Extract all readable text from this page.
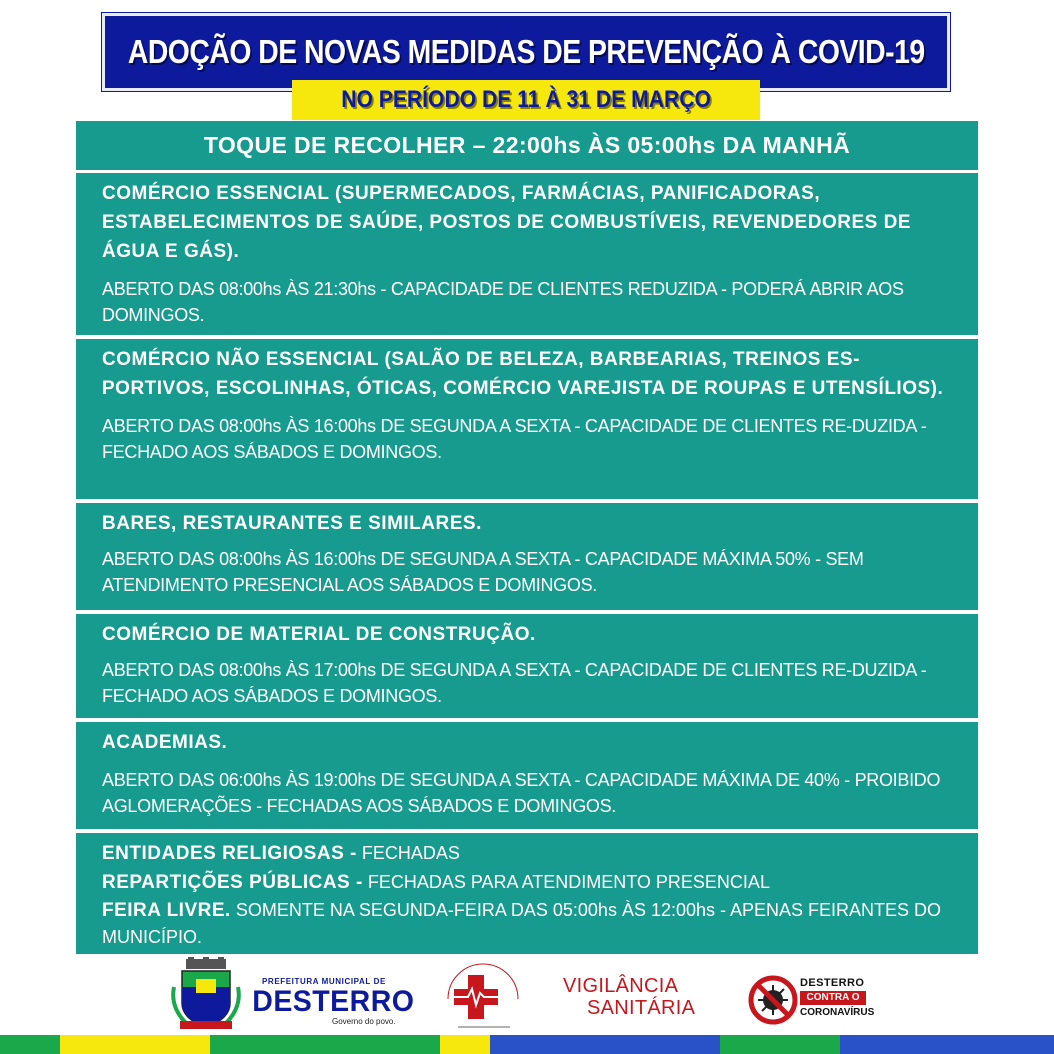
ADOÇÃO DE NOVAS MEDIDAS DE PREVENÇÃO À COVID-19
NO PERÍODO DE 11 À 31 DE MARÇO
TOQUE DE RECOLHER – 22:00hs ÀS 05:00hs DA MANHÃ

COMÉRCIO ESSENCIAL (SUPERMECADOS, FARMÁCIAS, PANIFICADORAS, ESTABELECIMENTOS DE SAÚDE, POSTOS DE COMBUSTÍVEIS, REVENDEDORES DE ÁGUA E GÁS).

ABERTO DAS 08:00hs ÀS 21:30hs - CAPACIDADE DE CLIENTES REDUZIDA - PODERÁ ABRIR AOS DOMINGOS.

COMÉRCIO NÃO ESSENCIAL (SALÃO DE BELEZA, BARBEARIAS, TREINOS ES-PORTIVOS, ESCOLINHAS, ÓTICAS, COMÉRCIO VAREJISTA DE ROUPAS E UTENSÍLIOS).

ABERTO DAS 08:00hs ÀS 16:00hs DE SEGUNDA A SEXTA - CAPACIDADE DE CLIENTES RE-DUZIDA - FECHADO AOS SÁBADOS E DOMINGOS.

BARES, RESTAURANTES E SIMILARES.

ABERTO DAS 08:00hs ÀS 16:00hs DE SEGUNDA A SEXTA - CAPACIDADE MÁXIMA 50% - SEM ATENDIMENTO PRESENCIAL AOS SÁBADOS E DOMINGOS.

COMÉRCIO DE MATERIAL DE CONSTRUÇÃO.

ABERTO DAS 08:00hs ÀS 17:00hs DE SEGUNDA A SEXTA - CAPACIDADE DE CLIENTES RE-DUZIDA - FECHADO AOS SÁBADOS E DOMINGOS.

ACADEMIAS.

ABERTO DAS 06:00hs ÀS 19:00hs DE SEGUNDA A SEXTA - CAPACIDADE MÁXIMA DE 40% - PROIBIDO AGLOMERAÇÕES - FECHADAS AOS SÁBADOS E DOMINGOS.

ENTIDADES RELIGIOSAS - FECHADAS
REPARTIÇÕES PÚBLICAS - FECHADAS PARA ATENDIMENTO PRESENCIAL
FEIRA LIVRE. SOMENTE NA SEGUNDA-FEIRA DAS 05:00hs ÀS 12:00hs - APENAS FEIRANTES DO MUNICÍPIO.
PREFEITURA MUNICIPAL DE
DESTERRO
Governo do povo.
VIGILÂNCIA
SANITÁRIA
DESTERRO
CONTRA O
CORONAVÍRUS
